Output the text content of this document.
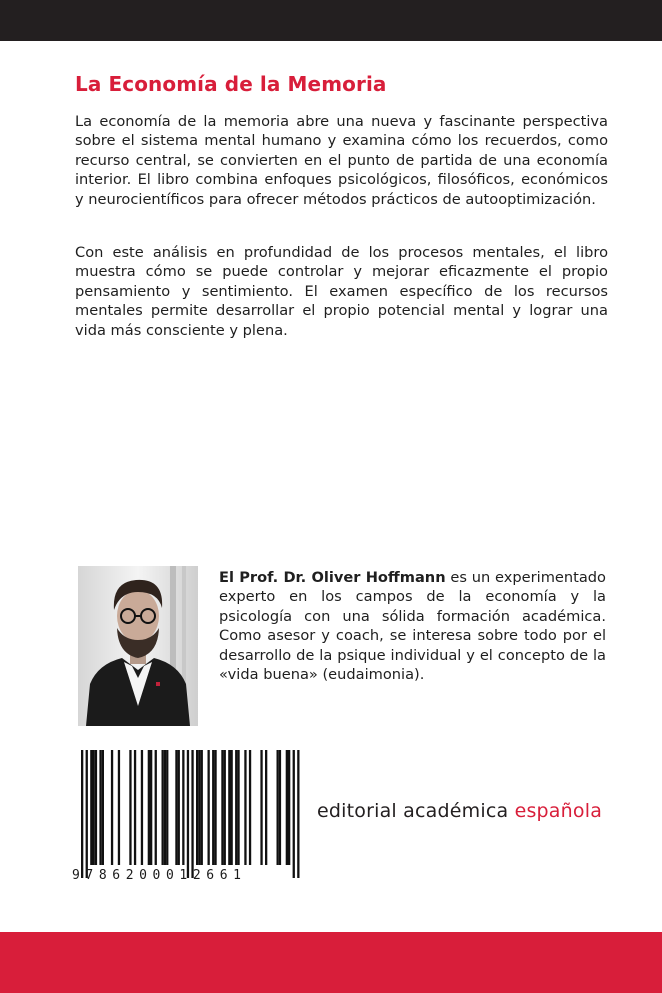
La Economía de la Memoria

La economía de la memoria abre una nueva y fascinante perspectiva sobre el sistema mental humano y examina cómo los recuerdos, como recurso central, se convierten en el punto de partida de una economía interior. El libro combina enfoques psicológicos, filosóficos, económicos y neurocientíficos para ofrecer métodos prácticos de autooptimización.

Con este análisis en profundidad de los procesos mentales, el libro muestra cómo se puede controlar y mejorar eficazmente el propio pensamiento y sentimiento. El examen específico de los recursos mentales permite desarrollar el propio potencial mental y lograr una vida más consciente y plena.

El Prof. Dr. Oliver Hoffmann es un experimentado experto en los campos de la economía y la psicología con una sólida formación académica. Como asesor y coach, se interesa sobre todo por el desarrollo de la psique individual y el concepto de la «vida buena» (eudaimonia).

9786200012661

editorial académica española
